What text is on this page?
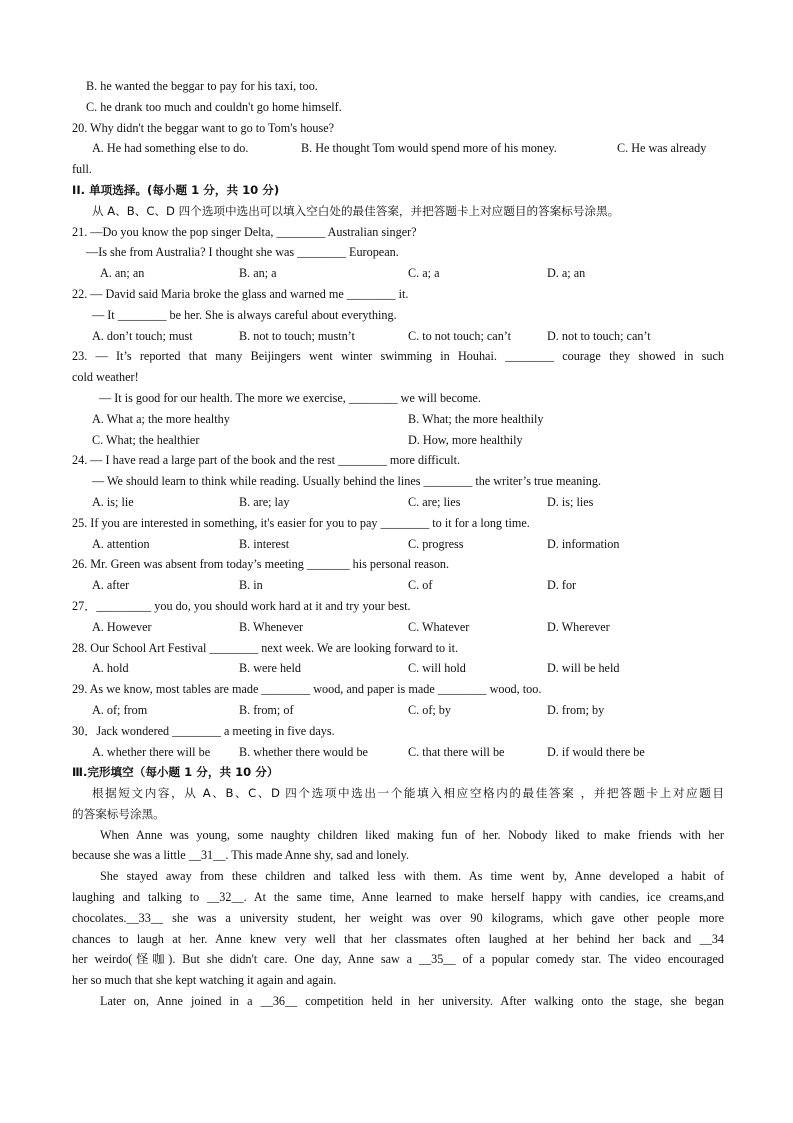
B. he wanted the beggar to pay for his taxi, too.
C. he drank too much and couldn't go home himself.
20. Why didn't the beggar want to go to Tom's house?
A. He had something else to do.	B. He thought Tom would spend more of his money.	C. He was already
full.
II. 单项选择。(每小题 1 分，共 10 分)
从 A、B、C、D 四个选项中选出可以填入空白处的最佳答案，并把答题卡上对应题目的答案标号涂黑。
21. —Do you know the pop singer Delta, ________ Australian singer?
—Is she from Australia? I thought she was ________ European.
A. an; an	B. an; a	C. a; a	D. a; an
22. — David said Maria broke the glass and warned me ________ it.
— It ________ be her. She is always careful about everything.
A. don’t touch; must	B. not to touch; mustn’t	C. to not touch; can’t	D. not to touch; can’t
23. — It’s reported that many Beijingers went winter swimming in Houhai. ________ courage they showed in such
cold weather!
— It is good for our health. The more we exercise, ________ we will become.
A. What a; the more healthy	B. What; the more healthily
C. What; the healthier	D. How, more healthily
24. — I have read a large part of the book and the rest ________ more difficult.
— We should learn to think while reading. Usually behind the lines ________ the writer’s true meaning.
A. is; lie	B. are; lay	C. are; lies	D. is; lies
25. If you are interested in something, it's easier for you to pay ________ to it for a long time.
A. attention	B. interest	C. progress	D. information
26. Mr. Green was absent from today’s meeting _______ his personal reason.
A. after	B. in	C. of	D. for
27．_________ you do, you should work hard at it and try your best.
A. However	B. Whenever	C. Whatever	D. Wherever
28. Our School Art Festival ________ next week. We are looking forward to it.
A. hold	B. were held	C. will hold	D. will be held
29. As we know, most tables are made ________ wood, and paper is made ________ wood, too.
A. of; from	B. from; of	C. of; by	D. from; by
30．Jack wondered ________ a meeting in five days.
A. whether there will be B. whether there would be	C. that there will be	D. if would there be
Ⅲ.完形填空（每小题 1 分，共 10 分）
根据短文内容，从 A、B、C、D 四个选项中选出一个能填入相应空格内的最佳答案 ，并把答题卡上对应题目
的答案标号涂黑。
When Anne was young, some naughty children liked making fun of her. Nobody liked to make friends with her
because she was a little __31__. This made Anne shy, sad and lonely.
She stayed away from these children and talked less with them. As time went by, Anne developed a habit of
laughing and talking to __32__. At the same time, Anne learned to make herself happy with candies, ice creams,and
chocolates.__33__ she was a university student, her weight was over 90 kilograms, which gave other people more
chances to laugh at her. Anne knew very well that her classmates often laughed at her behind her back and __34
her weirdo(怪咖). But she didn't care. One day, Anne saw a __35__ of a popular comedy star. The video encouraged
her so much that she kept watching it again and again.
Later on, Anne joined in a __36__ competition held in her university. After walking onto the stage, she began
